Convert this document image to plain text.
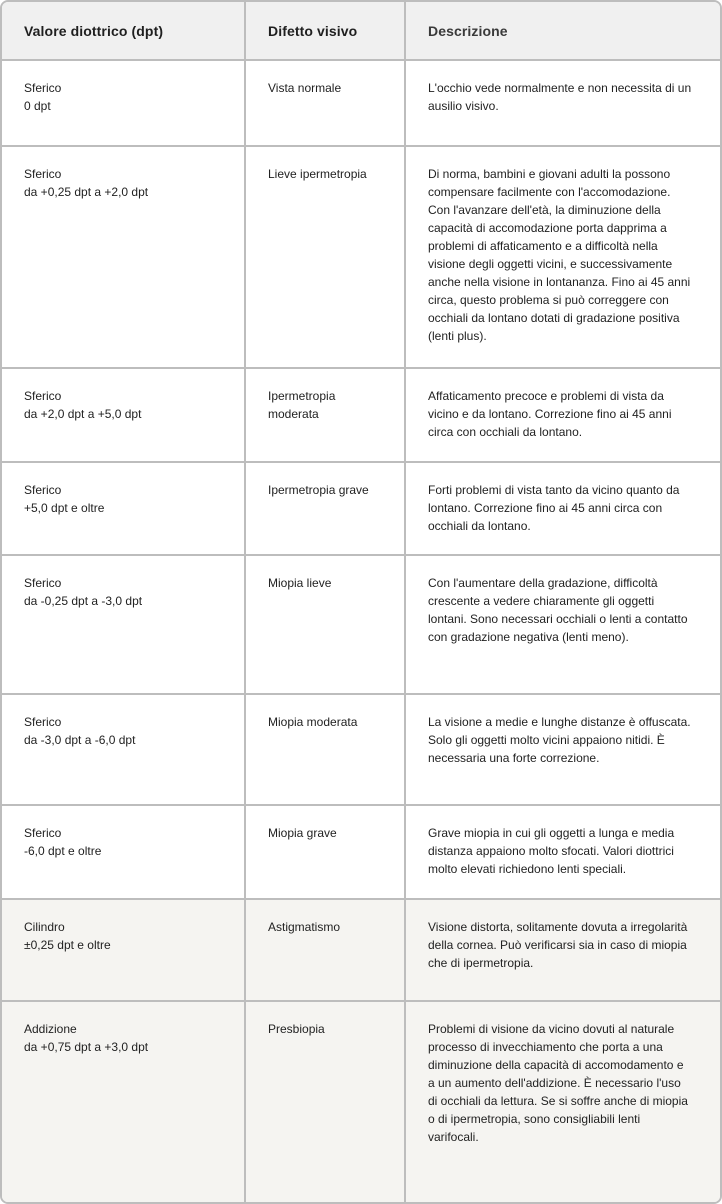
Valore diottrico (dpt)	Difetto visivo	Descrizione

Sferico
0 dpt	Vista normale	L'occhio vede normalmente e non necessita di un ausilio visivo.

Sferico
da +0,25 dpt a +2,0 dpt	Lieve ipermetropia	Di norma, bambini e giovani adulti la possono compensare facilmente con l'accomodazione. Con l'avanzare dell'età, la diminuzione della capacità di accomodazione porta dapprima a problemi di affaticamento e a difficoltà nella visione degli oggetti vicini, e successivamente anche nella visione in lontananza. Fino ai 45 anni circa, questo problema si può correggere con occhiali da lontano dotati di gradazione positiva (lenti plus).

Sferico
da +2,0 dpt a +5,0 dpt	Ipermetropia moderata	Affaticamento precoce e problemi di vista da vicino e da lontano. Correzione fino ai 45 anni circa con occhiali da lontano.

Sferico
+5,0 dpt e oltre	Ipermetropia grave	Forti problemi di vista tanto da vicino quanto da lontano. Correzione fino ai 45 anni circa con occhiali da lontano.

Sferico
da -0,25 dpt a -3,0 dpt	Miopia lieve	Con l'aumentare della gradazione, difficoltà crescente a vedere chiaramente gli oggetti lontani. Sono necessari occhiali o lenti a contatto con gradazione negativa (lenti meno).

Sferico
da -3,0 dpt a -6,0 dpt	Miopia moderata	La visione a medie e lunghe distanze è offuscata. Solo gli oggetti molto vicini appaiono nitidi. È necessaria una forte correzione.

Sferico
-6,0 dpt e oltre	Miopia grave	Grave miopia in cui gli oggetti a lunga e media distanza appaiono molto sfocati. Valori diottrici molto elevati richiedono lenti speciali.

Cilindro
±0,25 dpt e oltre	Astigmatismo	Visione distorta, solitamente dovuta a irregolarità della cornea. Può verificarsi sia in caso di miopia che di ipermetropia.

Addizione
da +0,75 dpt a +3,0 dpt	Presbiopia	Problemi di visione da vicino dovuti al naturale processo di invecchiamento che porta a una diminuzione della capacità di accomodamento e a un aumento dell'addizione. È necessario l'uso di occhiali da lettura. Se si soffre anche di miopia o di ipermetropia, sono consigliabili lenti varifocali.
